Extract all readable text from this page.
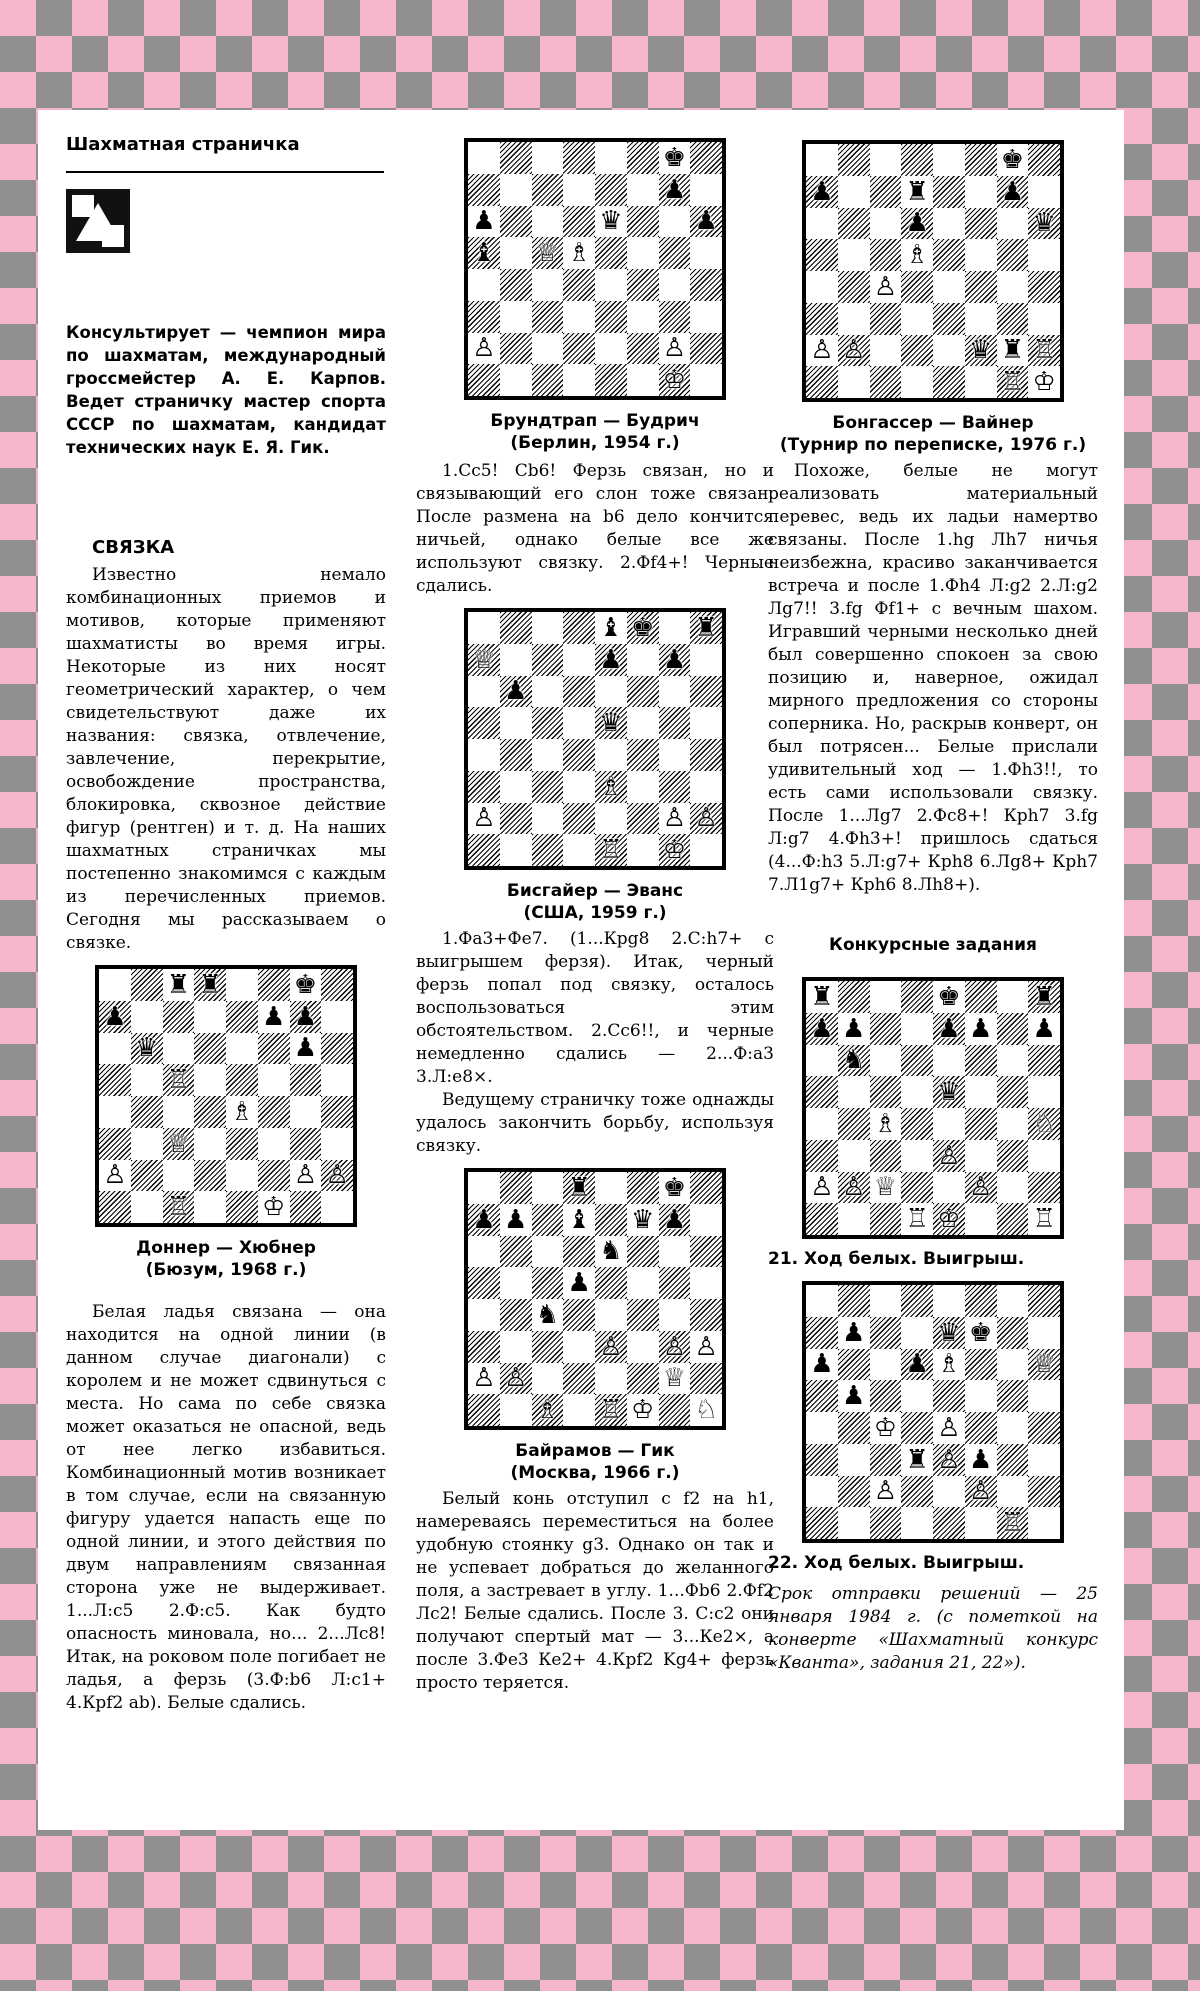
Шахматная страничка
Консультирует — чемпион мира по шахматам, международный гроссмейстер А. Е. Карпов. Ведет страничку мастер спорта СССР по шахматам, кандидат технических наук Е. Я. Гик.
СВЯЗКА

Известно немало комбинационных приемов и мотивов, которые применяют шахматисты во время игры. Некоторые из них носят геометрический характер, о чем свидетельствуют даже их названия: связка, отвлечение, завлечение, перекрытие, освобождение пространства, блокировка, сквозное действие фигур (рентген) и т. д. На наших шахматных страничках мы постепенно знакомимся с каждым из перечисленных приемов. Сегодня мы рассказываем о связке.

♜ ♜	♚
♟	♟ ♟
♛	♟
♖
♗
♕
♙	♙ ♙
♖	♔
Доннер — Хюбнер
(Бюзум, 1968 г.)

Белая ладья связана — она находится на одной линии (в данном случае диагонали) с королем и не может сдвинуться с места. Но сама по себе связка может оказаться не опасной, ведь от нее легко избавиться. Комбинационный мотив возникает в том случае, если на связанную фигуру удается напасть еще по одной линии, и этого действия по двум направлениям связанная сторона уже не выдерживает. 1...Л:с5 2.Ф:с5. Как будто опасность миновала, но... 2...Лс8! Итак, на роковом поле погибает не ладья, а ферзь (3.Ф:b6 Л:с1+ 4.Крf2 ab). Белые сдались.

♚
♟
♟	♛	♟
♝ ♕ ♗
♙	♙
♔
Брундтрап — Будрич
(Берлин, 1954 г.)

1.Сс5! Cb6! Ферзь связан, но и связывающий его слон тоже связан. После размена на b6 дело кончится ничьей, однако белые все же используют связку. 2.Фf4+! Черные сдались.

♝ ♚ ♜
♕	♟ ♟
♟
♛
♗
♙	♙ ♙
♖ ♔
Бисгайер — Эванс
(США, 1959 г.)

1.Фа3+Фе7. (1...Крg8 2.С:h7+ с выигрышем ферзя). Итак, черный ферзь попал под связку, осталось воспользоваться этим обстоятельством. 2.Сс6!!, и черные немедленно сдались — 2...Ф:а3 3.Л:е8×.

Ведущему страничку тоже однажды удалось закончить борьбу, используя связку.

♜	♚
♟ ♟ ♝ ♛ ♟
♞
♟
♞
♙ ♙ ♙
♙ ♙	♕
♗ ♖ ♔ ♘
Байрамов — Гик
(Москва, 1966 г.)

Белый конь отступил с f2 на h1, намереваясь переместиться на более удобную стоянку g3. Однако он так и не успевает добраться до желанного поля, а застревает в углу. 1...Фb6 2.Фf2 Лс2! Белые сдались. После 3. С:с2 они получают спертый мат — 3...Ке2×, а после 3.Фе3 Ке2+ 4.Крf2 Kg4+ ферзь просто теряется.

♚
♟	♜	♟
♟	♛
♗
♙
♙ ♙	♛ ♜ ♖
♖ ♔
Бонгассер — Вайнер
(Турнир по переписке, 1976 г.)

Похоже, белые не могут реализовать материальный перевес, ведь их ладьи намертво связаны. После 1.hg Лh7 ничья неизбежна, красиво заканчивается встреча и после 1.Фh4 Л:g2 2.Л:g2 Лg7!! 3.fg Фf1+ с вечным шахом. Игравший черными несколько дней был совершенно спокоен за свою позицию и, наверное, ожидал мирного предложения со стороны соперника. Но, раскрыв конверт, он был потрясен... Белые прислали удивительный ход — 1.Фh3!!, то есть сами использовали связку. После 1...Лg7 2.Фс8+! Крh7 3.fg Л:g7 4.Фh3+! пришлось сдаться (4...Ф:h3 5.Л:g7+ Крh8 6.Лg8+ Крh7 7.Л1g7+ Крh6 8.Лh8+).

Конкурсные задания
♜	♚	♜
♟ ♟	♟ ♟ ♟
♞
♛
♗	♘
♙
♙ ♙ ♕	♙
♖ ♔	♖
21. Ход белых. Выигрыш.
♟	♛ ♚
♟	♟ ♗	♕
♟
♔ ♙
♜ ♙ ♟
♙	♙
♖
22. Ход белых. Выигрыш.
Срок отправки решений — 25 января 1984 г. (с пометкой на конверте «Шахматный конкурс «Кванта», задания 21, 22»).
